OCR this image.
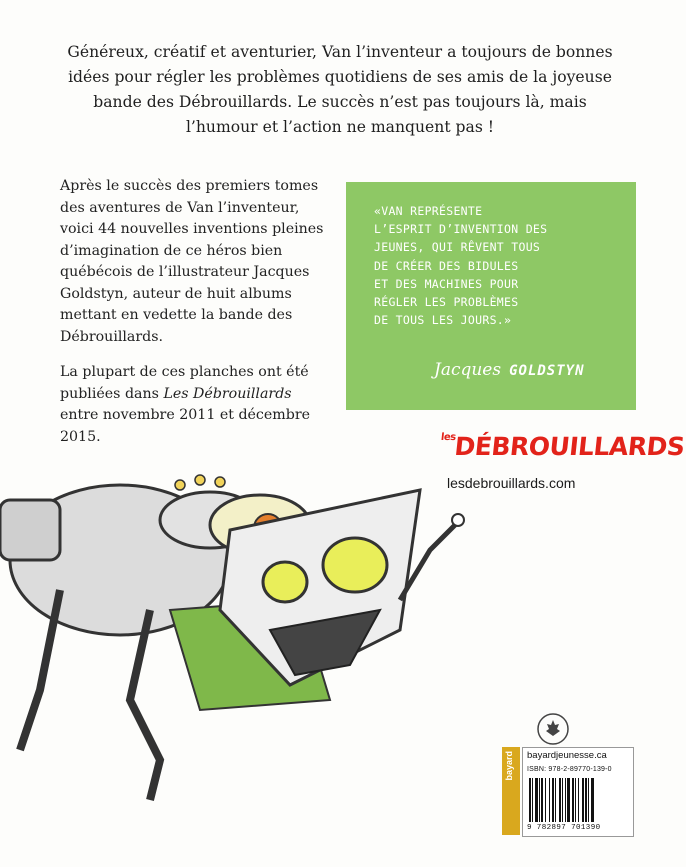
Généreux, créatif et aventurier, Van l’inventeur a toujours de bonnes idées pour régler les problèmes quotidiens de ses amis de la joyeuse bande des Débrouillards. Le succès n’est pas toujours là, mais l’humour et l’action ne manquent pas !

Après le succès des premiers tomes des aventures de Van l’inventeur, voici 44 nouvelles inventions pleines d’imagination de ce héros bien québécois de l’illustrateur Jacques Goldstyn, auteur de huit albums mettant en vedette la bande des Débrouillards.

La plupart de ces planches ont été publiées dans Les Débrouillards entre novembre 2011 et décembre 2015.

«VAN REPRÉSENTE
L’ESPRIT D’INVENTION DES
JEUNES, QUI RÊVENT TOUS
DE CRÉER DES BIDULES
ET DES MACHINES POUR
RÉGLER LES PROBLÈMES
DE TOUS LES JOURS.»
Jacques GOLDSTYN
$^{les}$DÉBROUILLARDS
lesdebrouillards.com
bayard bayardjeunesse.ca
ISBN: 978-2-89770-139-0
9 782897 701390
